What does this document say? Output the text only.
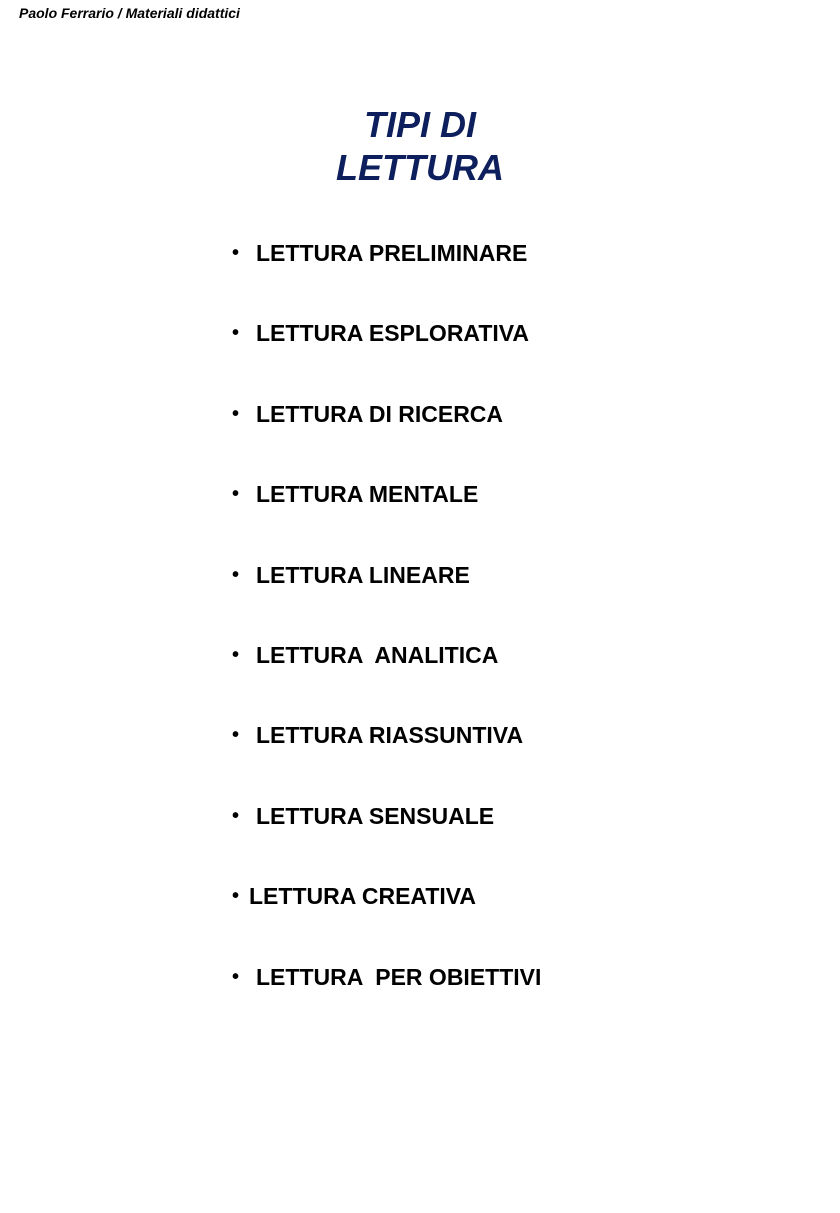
Paolo Ferrario / Materiali didattici
TIPI DI
LETTURA
• LETTURA PRELIMINARE
• LETTURA ESPLORATIVA
• LETTURA DI RICERCA
• LETTURA MENTALE
• LETTURA LINEARE
• LETTURA  ANALITICA
• LETTURA RIASSUNTIVA
• LETTURA SENSUALE
• LETTURA CREATIVA
• LETTURA  PER OBIETTIVI
